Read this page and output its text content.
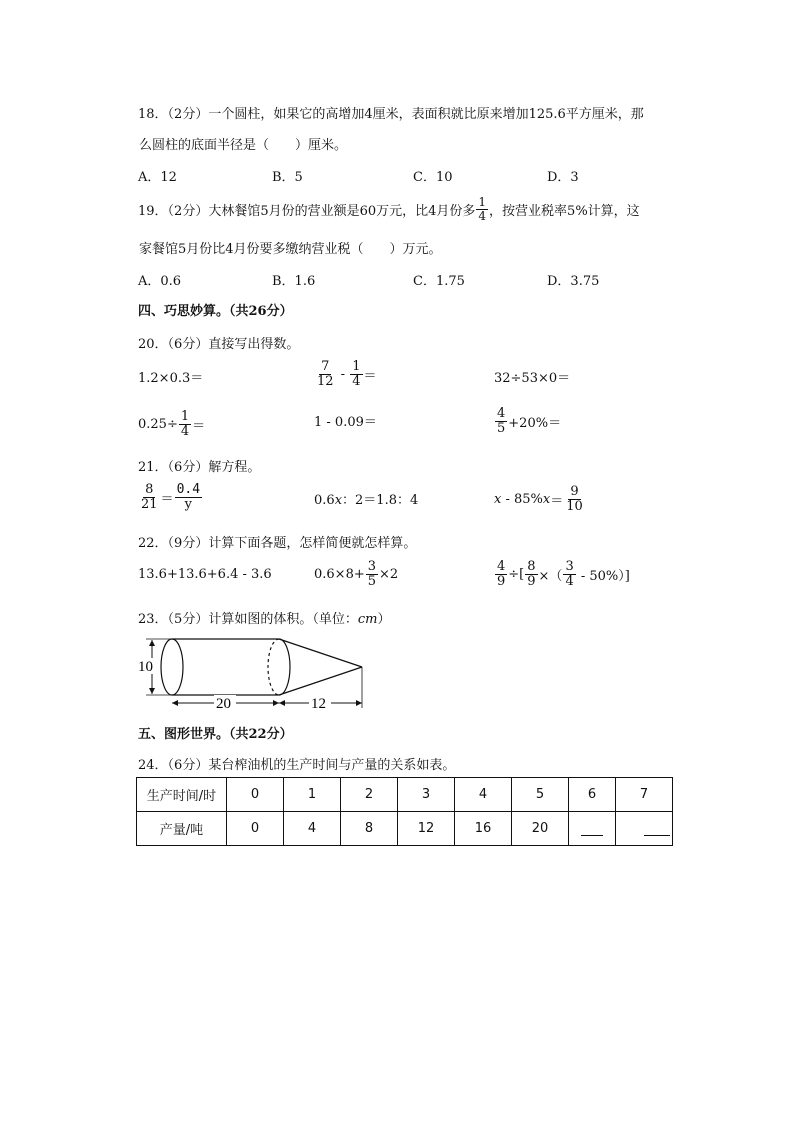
18．（2分）一个圆柱，如果它的高增加4厘米，表面积就比原来增加125.6平方厘米，那
么圆柱的底面半径是（　　）厘米。
A．12	B．5	C．10	D．3
19．（2分）大林餐馆5月份的营业额是60万元，比4月份多 $\frac{1}{4}$ ，按营业税率5%计算，这
家餐馆5月份比4月份要多缴纳营业税（　　）万元。
A．0.6	B．1.6	C．1.75	D．3.75
四、巧思妙算。（共26分）
20．（6分）直接写出得数。
1.2×0.3＝	$\frac{7}{12} - \frac{1}{4}$ ＝	32÷53×0＝
$0.25\div \frac{1}{4}$ ＝	1 - 0.09＝	$\frac{4}{5} +20\%=$
21．（6分）解方程。
$\frac{8}{21} = \frac{0.4}{y}$	0.6x：2＝1.8：4	x - 85% $x = \frac{9}{10}$
22．（9分）计算下面各题，怎样简便就怎样算。
13.6+13.6+6.4 - 3.6	$0.6\times 8+ \frac{3}{5} \times 2$	$\frac{4}{9}$ ÷[ $\frac{8}{9}$ ×（ $\frac{3}{4} - 50\%$）]
23．（5分）计算如图的体积。（单位：cm）
10
20	12
五、图形世界。（共22分）
24．（6分）某台榨油机的生产时间与产量的关系如表。
生产时间/时	0	1	2	3	4	5	6	7
产量/吨	0	4	8	12	16	20		
